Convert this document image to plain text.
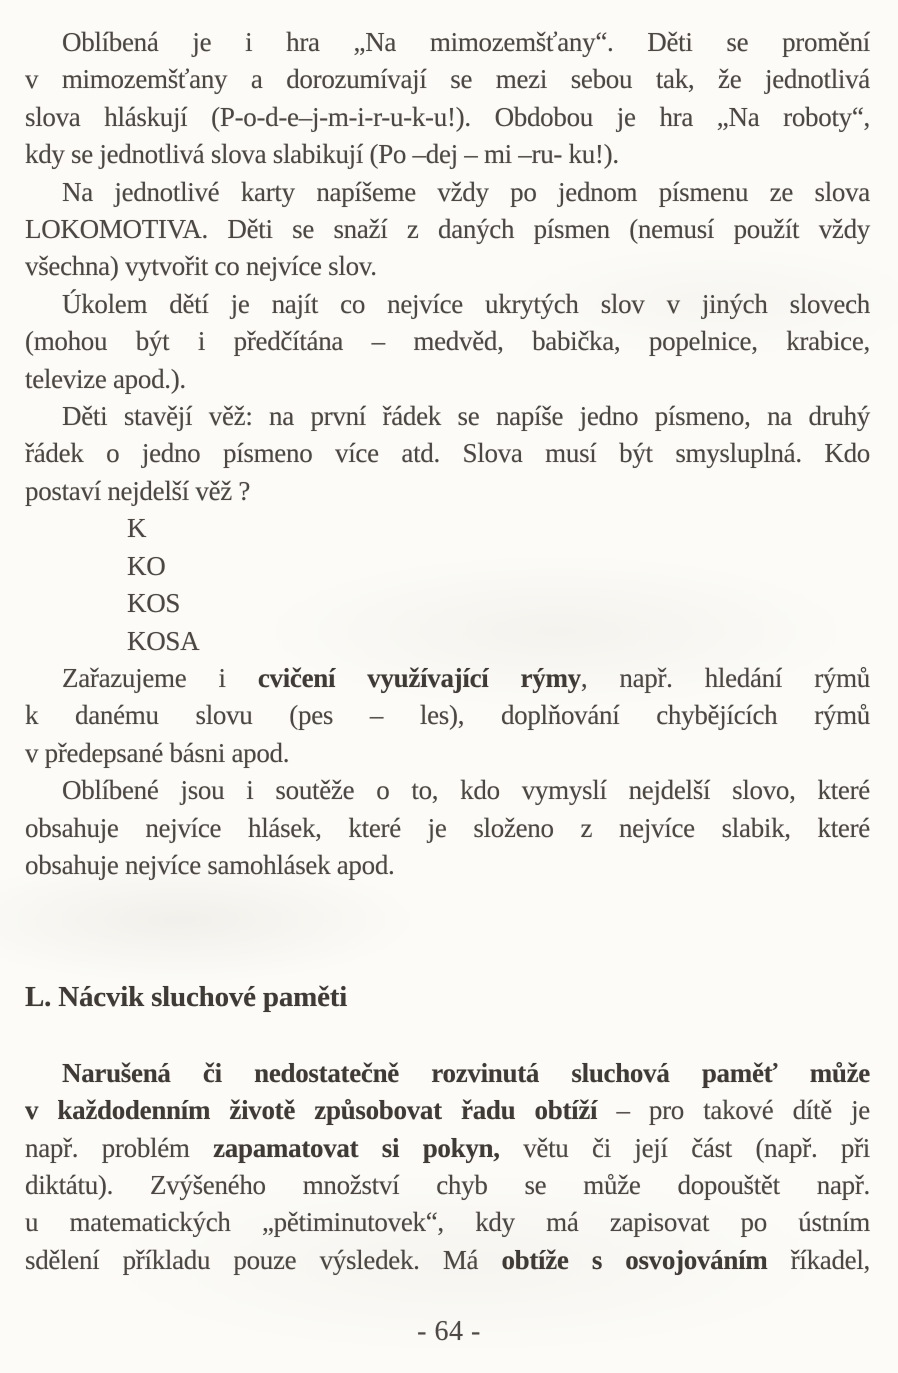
Oblíbená je i hra „Na mimozemšťany“. Děti se promění
v mimozemšťany a dorozumívají se mezi sebou tak, že jednotlivá
slova hláskují (P-o-d-e–j-m-i-r-u-k-u!). Obdobou je hra „Na roboty“,
kdy se jednotlivá slova slabikují (Po –dej – mi –ru- ku!).
Na jednotlivé karty napíšeme vždy po jednom písmenu ze slova
LOKOMOTIVA. Děti se snaží z daných písmen (nemusí použít vždy
všechna) vytvořit co nejvíce slov.
Úkolem dětí je najít co nejvíce ukrytých slov v jiných slovech
(mohou být i předčítána – medvěd, babička, popelnice, krabice,
televize apod.).
Děti stavějí věž: na první řádek se napíše jedno písmeno, na druhý
řádek o jedno písmeno více atd. Slova musí být smysluplná. Kdo
postaví nejdelší věž ?
K
KO
KOS
KOSA
Zařazujeme i cvičení využívající rýmy, např. hledání rýmů
k danému slovu (pes – les), doplňování chybějících rýmů
v předepsané básni apod.
Oblíbené jsou i soutěže o to, kdo vymyslí nejdelší slovo, které
obsahuje nejvíce hlásek, které je složeno z nejvíce slabik, které
obsahuje nejvíce samohlásek apod.
L. Nácvik sluchové paměti
Narušená či nedostatečně rozvinutá sluchová paměť může
v každodenním životě způsobovat řadu obtíží – pro takové dítě je
např. problém zapamatovat si pokyn, větu či její část (např. při
diktátu). Zvýšeného množství chyb se může dopouštět např.
u matematických „pětiminutovek“, kdy má zapisovat po ústním
sdělení příkladu pouze výsledek. Má obtíže s osvojováním říkadel,
- 64 -
